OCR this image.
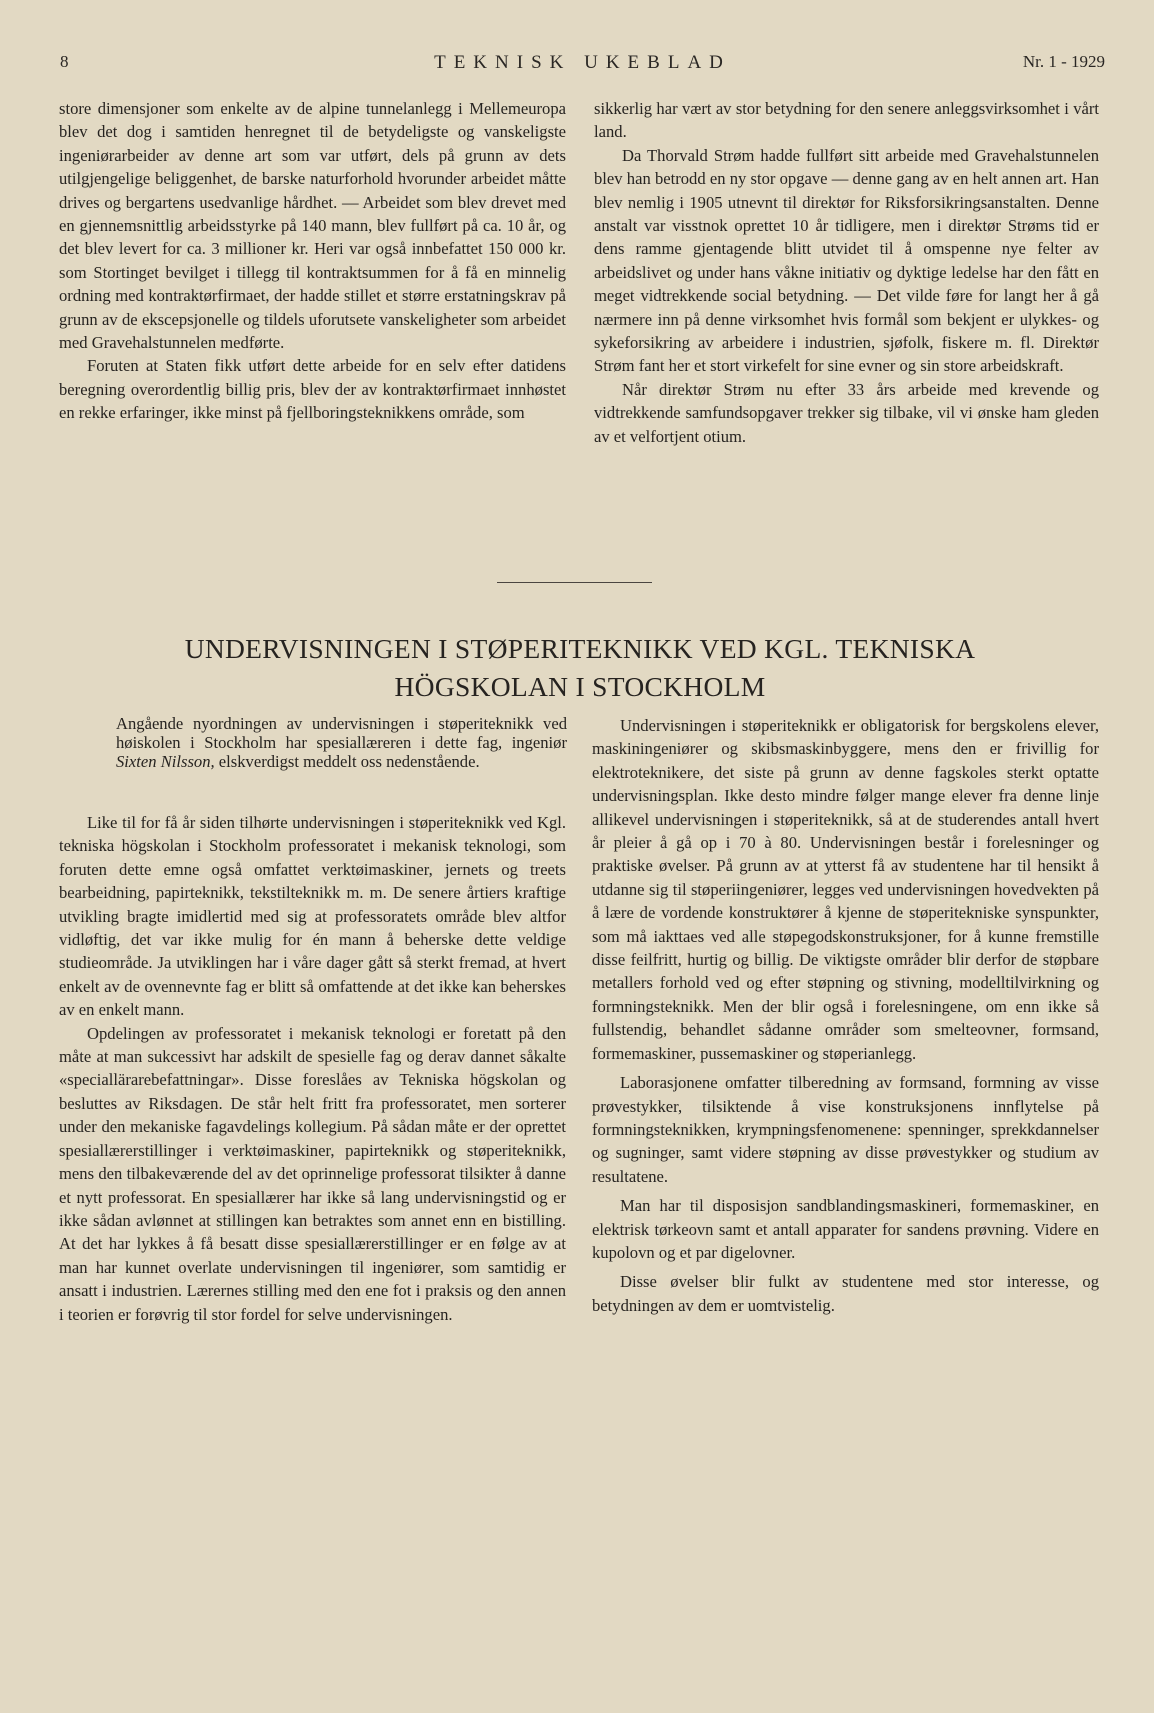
8	TEKNISK UKEBLAD	Nr. 1 - 1929

store dimensjoner som enkelte av de alpine tunnelanlegg i Mellemeuropa blev det dog i samtiden henregnet til de betydeligste og vanskeligste ingeniørarbeider av denne art som var utført, dels på grunn av dets utilgjengelige beliggenhet, de barske naturforhold hvorunder arbeidet måtte drives og bergartens usedvanlige hårdhet. — Arbeidet som blev drevet med en gjennemsnittlig arbeidsstyrke på 140 mann, blev fullført på ca. 10 år, og det blev levert for ca. 3 millioner kr. Heri var også innbefattet 150 000 kr. som Stortinget bevilget i tillegg til kontraktsummen for å få en minnelig ordning med kontraktørfirmaet, der hadde stillet et større erstatningskrav på grunn av de ekscepsjonelle og tildels uforutsete vanskeligheter som arbeidet med Gravehalstunnelen medførte.

Foruten at Staten fikk utført dette arbeide for en selv efter datidens beregning overordentlig billig pris, blev der av kontraktørfirmaet innhøstet en rekke erfaringer, ikke minst på fjellboringsteknikkens område, som

sikkerlig har vært av stor betydning for den senere anleggsvirksomhet i vårt land.

Da Thorvald Strøm hadde fullført sitt arbeide med Gravehalstunnelen blev han betrodd en ny stor opgave — denne gang av en helt annen art. Han blev nemlig i 1905 utnevnt til direktør for Riksforsikringsanstalten. Denne anstalt var visstnok oprettet 10 år tidligere, men i direktør Strøms tid er dens ramme gjentagende blitt utvidet til å omspenne nye felter av arbeidslivet og under hans våkne initiativ og dyktige ledelse har den fått en meget vidtrekkende social betydning. — Det vilde føre for langt her å gå nærmere inn på denne virksomhet hvis formål som bekjent er ulykkes- og sykeforsikring av arbeidere i industrien, sjøfolk, fiskere m. fl. Direktør Strøm fant her et stort virkefelt for sine evner og sin store arbeidskraft.

Når direktør Strøm nu efter 33 års arbeide med krevende og vidtrekkende samfundsopgaver trekker sig tilbake, vil vi ønske ham gleden av et velfortjent otium.

UNDERVISNINGEN I STØPERITEKNIKK VED KGL. TEKNISKA
HÖGSKOLAN I STOCKHOLM
Angående nyordningen av undervisningen i støperiteknikk ved høiskolen i Stockholm har spesiallæreren i dette fag, ingeniør Sixten Nilsson, elskverdigst meddelt oss nedenstående.

Like til for få år siden tilhørte undervisningen i støperiteknikk ved Kgl. tekniska högskolan i Stockholm professoratet i mekanisk teknologi, som foruten dette emne også omfattet verktøimaskiner, jernets og treets bearbeidning, papirteknikk, tekstilteknikk m. m. De senere årtiers kraftige utvikling bragte imidlertid med sig at professoratets område blev altfor vidløftig, det var ikke mulig for én mann å beherske dette veldige studieområde. Ja utviklingen har i våre dager gått så sterkt fremad, at hvert enkelt av de ovennevnte fag er blitt så omfattende at det ikke kan beherskes av en enkelt mann.

Opdelingen av professoratet i mekanisk teknologi er foretatt på den måte at man sukcessivt har adskilt de spesielle fag og derav dannet såkalte «speciallärarebefattningar». Disse foreslåes av Tekniska högskolan og besluttes av Riksdagen. De står helt fritt fra professoratet, men sorterer under den mekaniske fagavdelings kollegium. På sådan måte er der oprettet spesiallærerstillinger i verktøimaskiner, papirteknikk og støperiteknikk, mens den tilbakeværende del av det oprinnelige professorat tilsikter å danne et nytt professorat. En spesiallærer har ikke så lang undervisningstid og er ikke sådan avlønnet at stillingen kan betraktes som annet enn en bistilling. At det har lykkes å få besatt disse spesiallærerstillinger er en følge av at man har kunnet overlate undervisningen til ingeniører, som samtidig er ansatt i industrien. Lærernes stilling med den ene fot i praksis og den annen i teorien er forøvrig til stor fordel for selve undervisningen.

Undervisningen i støperiteknikk er obligatorisk for bergskolens elever, maskiningeniører og skibsmaskinbyggere, mens den er frivillig for elektroteknikere, det siste på grunn av denne fagskoles sterkt optatte undervisningsplan. Ikke desto mindre følger mange elever fra denne linje allikevel undervisningen i støperiteknikk, så at de studerendes antall hvert år pleier å gå op i 70 à 80. Undervisningen består i forelesninger og praktiske øvelser. På grunn av at ytterst få av studentene har til hensikt å utdanne sig til støperiingeniører, legges ved undervisningen hovedvekten på å lære de vordende konstruktører å kjenne de støperitekniske synspunkter, som må iakttaes ved alle støpegodskonstruksjoner, for å kunne fremstille disse feilfritt, hurtig og billig. De viktigste områder blir derfor de støpbare metallers forhold ved og efter støpning og stivning, modelltilvirkning og formningsteknikk. Men der blir også i forelesningene, om enn ikke så fullstendig, behandlet sådanne områder som smelteovner, formsand, formemaskiner, pussemaskiner og støperianlegg.

Laborasjonene omfatter tilberedning av formsand, formning av visse prøvestykker, tilsiktende å vise konstruksjonens innflytelse på formningsteknikken, krympningsfenomenene: spenninger, sprekkdannelser og sugninger, samt videre støpning av disse prøvestykker og studium av resultatene.

Man har til disposisjon sandblandingsmaskineri, formemaskiner, en elektrisk tørkeovn samt et antall apparater for sandens prøvning. Videre en kupolovn og et par digelovner.

Disse øvelser blir fulkt av studentene med stor interesse, og betydningen av dem er uomtvistelig.
